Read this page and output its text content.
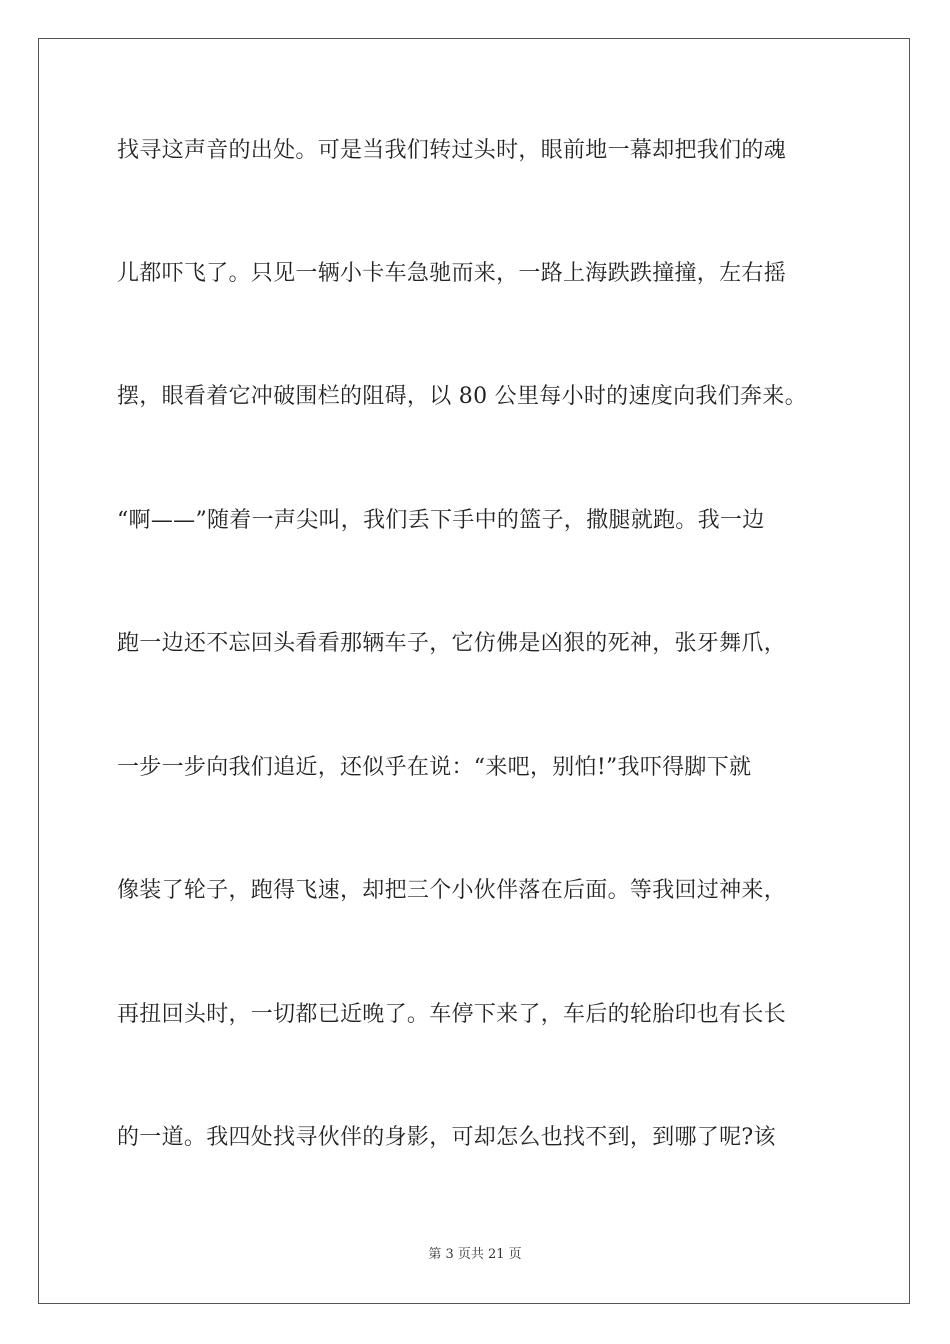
找寻这声音的出处。可是当我们转过头时，眼前地一幕却把我们的魂
儿都吓飞了。只见一辆小卡车急驰而来，一路上海跌跌撞撞，左右摇
摆，眼看着它冲破围栏的阻碍，以 80 公里每小时的速度向我们奔来。
“啊——”随着一声尖叫，我们丢下手中的篮子，撒腿就跑。我一边
跑一边还不忘回头看看那辆车子，它仿佛是凶狠的死神，张牙舞爪，
一步一步向我们追近，还似乎在说：“来吧，别怕!”我吓得脚下就
像装了轮子，跑得飞速，却把三个小伙伴落在后面。等我回过神来，
再扭回头时，一切都已近晚了。车停下来了，车后的轮胎印也有长长
的一道。我四处找寻伙伴的身影，可却怎么也找不到，到哪了呢?该
第 3 页共 21 页
